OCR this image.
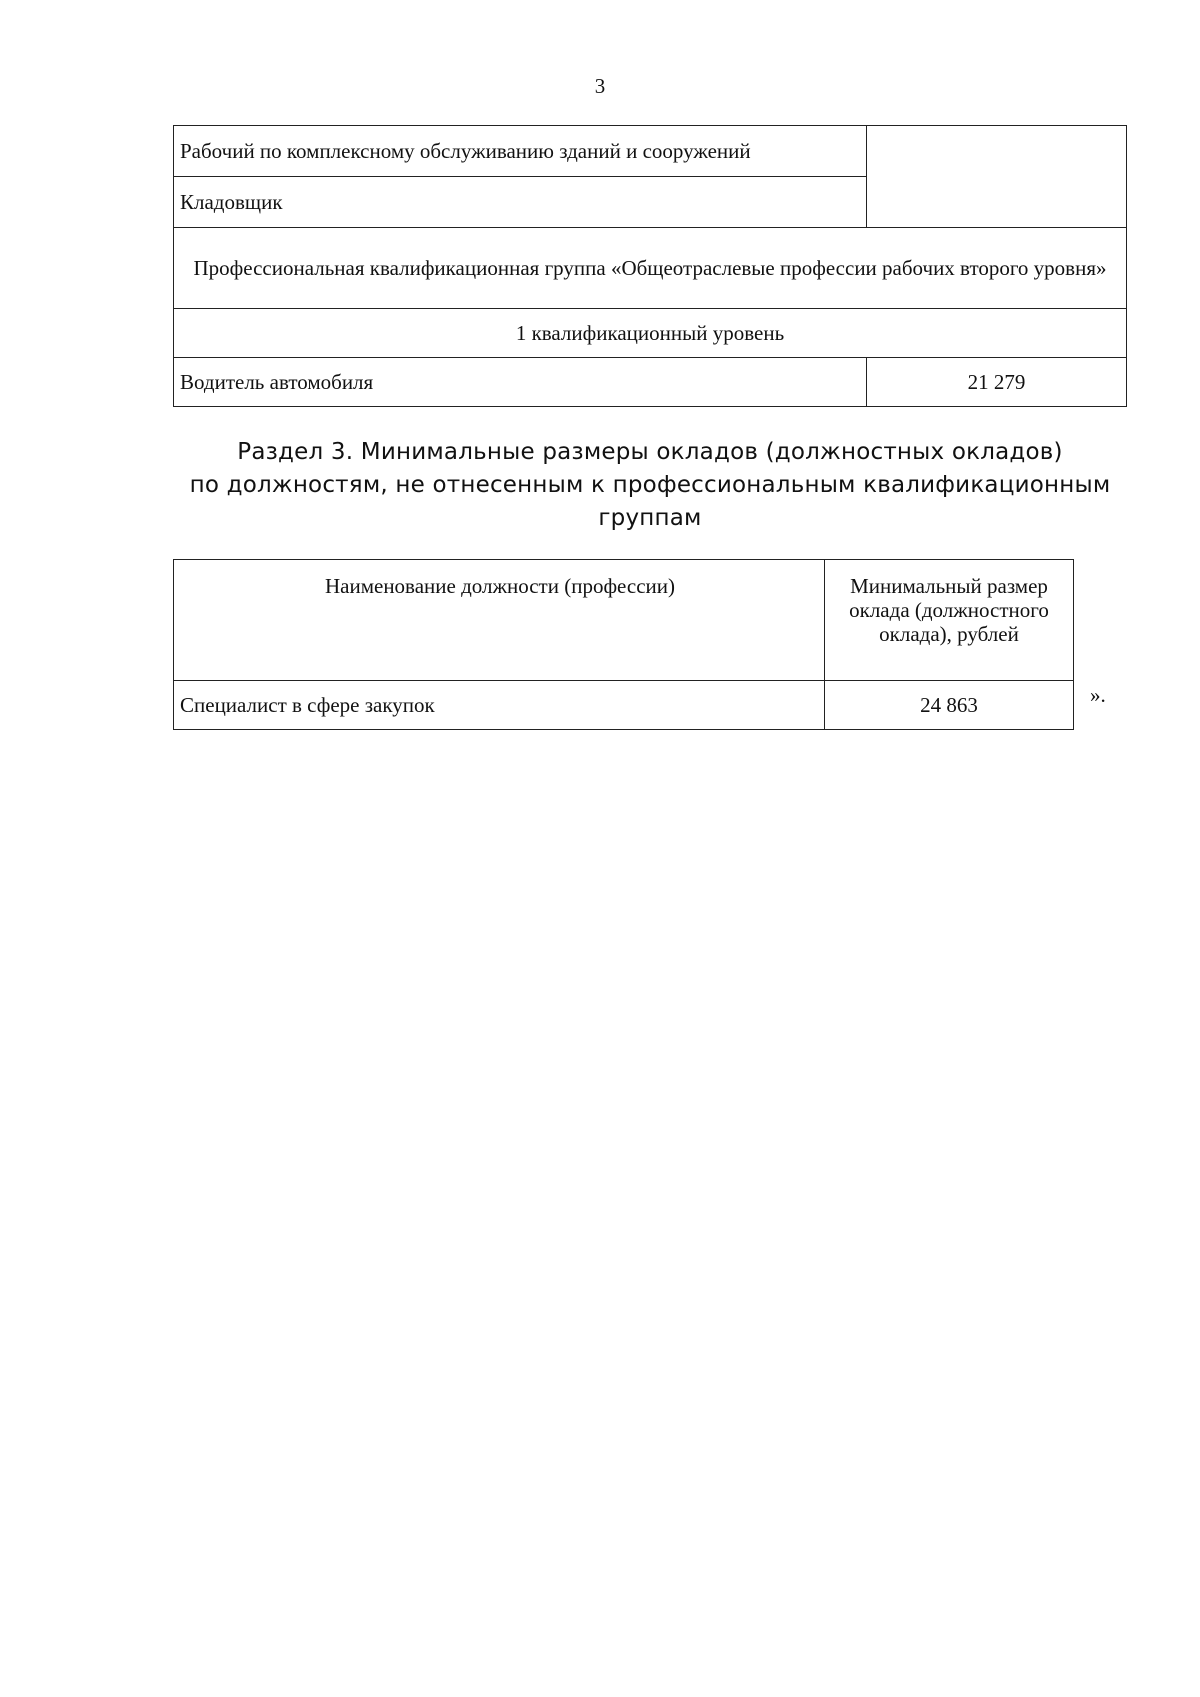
3
Рабочий по комплексному обслуживанию зданий и сооружений	
Кладовщик	
Профессиональная квалификационная группа «Общеотраслевые профессии рабочих второго уровня»	
1 квалификационный уровень	
Водитель автомобиля	21 279
Раздел 3. Минимальные размеры окладов (должностных окладов)
по должностям, не отнесенным к профессиональным квалификационным
группам
Наименование должности (профессии)	Минимальный размер
оклада (должностного
оклада), рублей

Специалист в сфере закупок	24 863	».
